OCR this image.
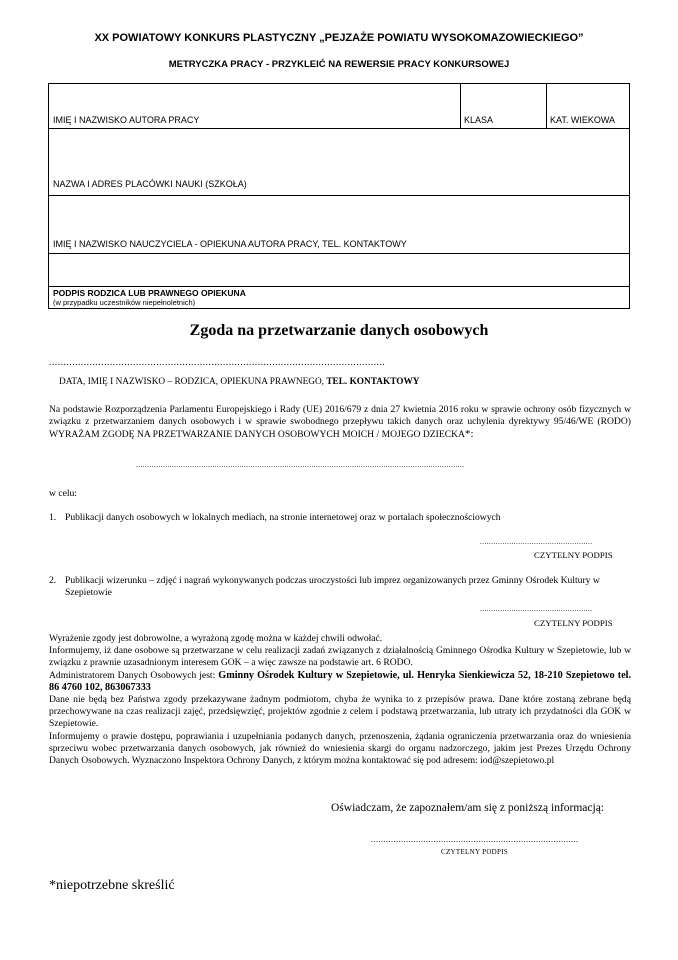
XX POWIATOWY KONKURS PLASTYCZNY „PEJZAŻE POWIATU WYSOKOMAZOWIECKIEGO”
METRYCZKA PRACY - PRZYKLEIĆ NA REWERSIE PRACY KONKURSOWEJ
IMIĘ I NAZWISKO AUTORA PRACY	KLASA	KAT. WIEKOWA
NAZWA I ADRES PLACÓWKI NAUKI (SZKOŁA)
IMIĘ I NAZWISKO NAUCZYCIELA - OPIEKUNA AUTORA PRACY, TEL. KONTAKTOWY
PODPIS RODZICA LUB PRAWNEGO OPIEKUNA
(w przypadku uczestników niepełnoletnich)
Zgoda na przetwarzanie danych osobowych
....................................................................................................................
DATA, IMIĘ I NAZWISKO – RODZICA, OPIEKUNA PRAWNEGO, TEL. KONTAKTOWY
Na podstawie Rozporządzenia Parlamentu Europejskiego i Rady (UE) 2016/679 z dnia 27 kwietnia 2016 roku w sprawie ochrony osób fizycznych w związku z przetwarzaniem danych osobowych i w sprawie swobodnego przepływu takich danych oraz uchylenia dyrektywy 95/46/WE (RODO) WYRAŻAM ZGODĘ NA PRZETWARZANIE DANYCH OSOBOWYCH MOICH / MOJEGO DZIECKA*:
..................................................................................................................................................
w celu:
1. Publikacji danych osobowych w lokalnych mediach, na stronie internetowej oraz w portalach społecznościowych
..................................................
CZYTELNY PODPIS
2. Publikacji wizerunku – zdjęć i nagrań wykonywanych podczas uroczystości lub imprez organizowanych przez Gminny Ośrodek Kultury w Szepietowie
..................................................
CZYTELNY PODPIS
Wyrażenie zgody jest dobrowolne, a wyrażoną zgodę można w każdej chwili odwołać.
Informujemy, iż dane osobowe są przetwarzane w celu realizacji zadań związanych z działalnością Gminnego Ośrodka Kultury w Szepietowie, lub w związku z prawnie uzasadnionym interesem GOK – a więc zawsze na podstawie art. 6 RODO.
Administratorem Danych Osobowych jest: Gminny Ośrodek Kultury w Szepietowie, ul. Henryka Sienkiewicza 52, 18-210 Szepietowo tel. 86 4760 102, 863067333
Dane nie będą bez Państwa zgody przekazywane żadnym podmiotom, chyba że wynika to z przepisów prawa. Dane które zostaną zebrane będą przechowywane na czas realizacji zajęć, przedsięwzięć, projektów zgodnie z celem i podstawą przetwarzania, lub utraty ich przydatności dla GOK w Szepietowie.
Informujemy o prawie dostępu, poprawiania i uzupełniania podanych danych, przenoszenia, żądania ograniczenia przetwarzania oraz do wniesienia sprzeciwu wobec przetwarzania danych osobowych, jak również do wniesienia skargi do organu nadzorczego, jakim jest Prezes Urzędu Ochrony Danych Osobowych. Wyznaczono Inspektora Ochrony Danych, z którym można kontaktować się pod adresem: iod@szepietowo.pl
Oświadczam, że zapoznałem/am się z poniższą informacją:
...................................................................................
CZYTELNY PODPIS
*niepotrzebne skreślić
